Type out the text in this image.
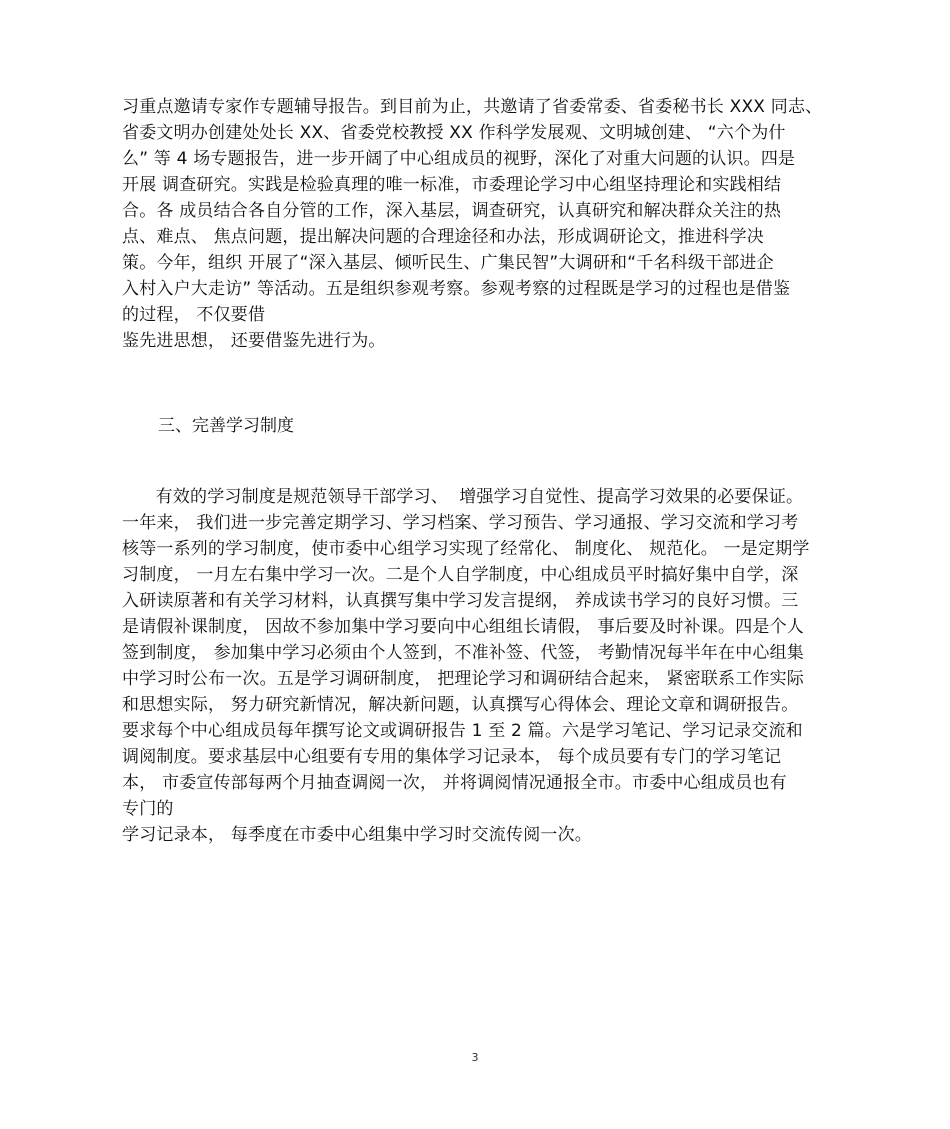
习重点邀请专家作专题辅导报告。到目前为止，共邀请了省委常委、省委秘书长 XXX 同志、
省委文明办创建处处长 XX、省委党校教授 XX 作科学发展观、文明城创建、 “六个为什
么” 等 4 场专题报告，进一步开阔了中心组成员的视野，深化了对重大问题的认识。四是
开展 调查研究。实践是检验真理的唯一标准，市委理论学习中心组坚持理论和实践相结
合。各 成员结合各自分管的工作，深入基层，调查研究，认真研究和解决群众关注的热
点、难点、 焦点问题，提出解决问题的合理途径和办法，形成调研论文，推进科学决
策。今年，组织 开展了“深入基层、倾听民生、广集民智”大调研和“千名科级干部进企
入村入户大走访” 等活动。五是组织参观考察。参观考察的过程既是学习的过程也是借鉴
的过程， 不仅要借
鉴先进思想， 还要借鉴先进行为。
三、完善学习制度
有效的学习制度是规范领导干部学习、  增强学习自觉性、提高学习效果的必要保证。
一年来， 我们进一步完善定期学习、学习档案、学习预告、学习通报、学习交流和学习考
核等一系列的学习制度，使市委中心组学习实现了经常化、 制度化、 规范化。 一是定期学
习制度， 一月左右集中学习一次。二是个人自学制度，中心组成员平时搞好集中自学，深
入研读原著和有关学习材料，认真撰写集中学习发言提纲， 养成读书学习的良好习惯。三
是请假补课制度， 因故不参加集中学习要向中心组组长请假， 事后要及时补课。四是个人
签到制度， 参加集中学习必须由个人签到，不准补签、代签， 考勤情况每半年在中心组集
中学习时公布一次。五是学习调研制度， 把理论学习和调研结合起来， 紧密联系工作实际
和思想实际， 努力研究新情况，解决新问题，认真撰写心得体会、理论文章和调研报告。
要求每个中心组成员每年撰写论文或调研报告 1 至 2 篇。六是学习笔记、学习记录交流和
调阅制度。要求基层中心组要有专用的集体学习记录本， 每个成员要有专门的学习笔记
本， 市委宣传部每两个月抽查调阅一次， 并将调阅情况通报全市。市委中心组成员也有
专门的
学习记录本， 每季度在市委中心组集中学习时交流传阅一次。
3
